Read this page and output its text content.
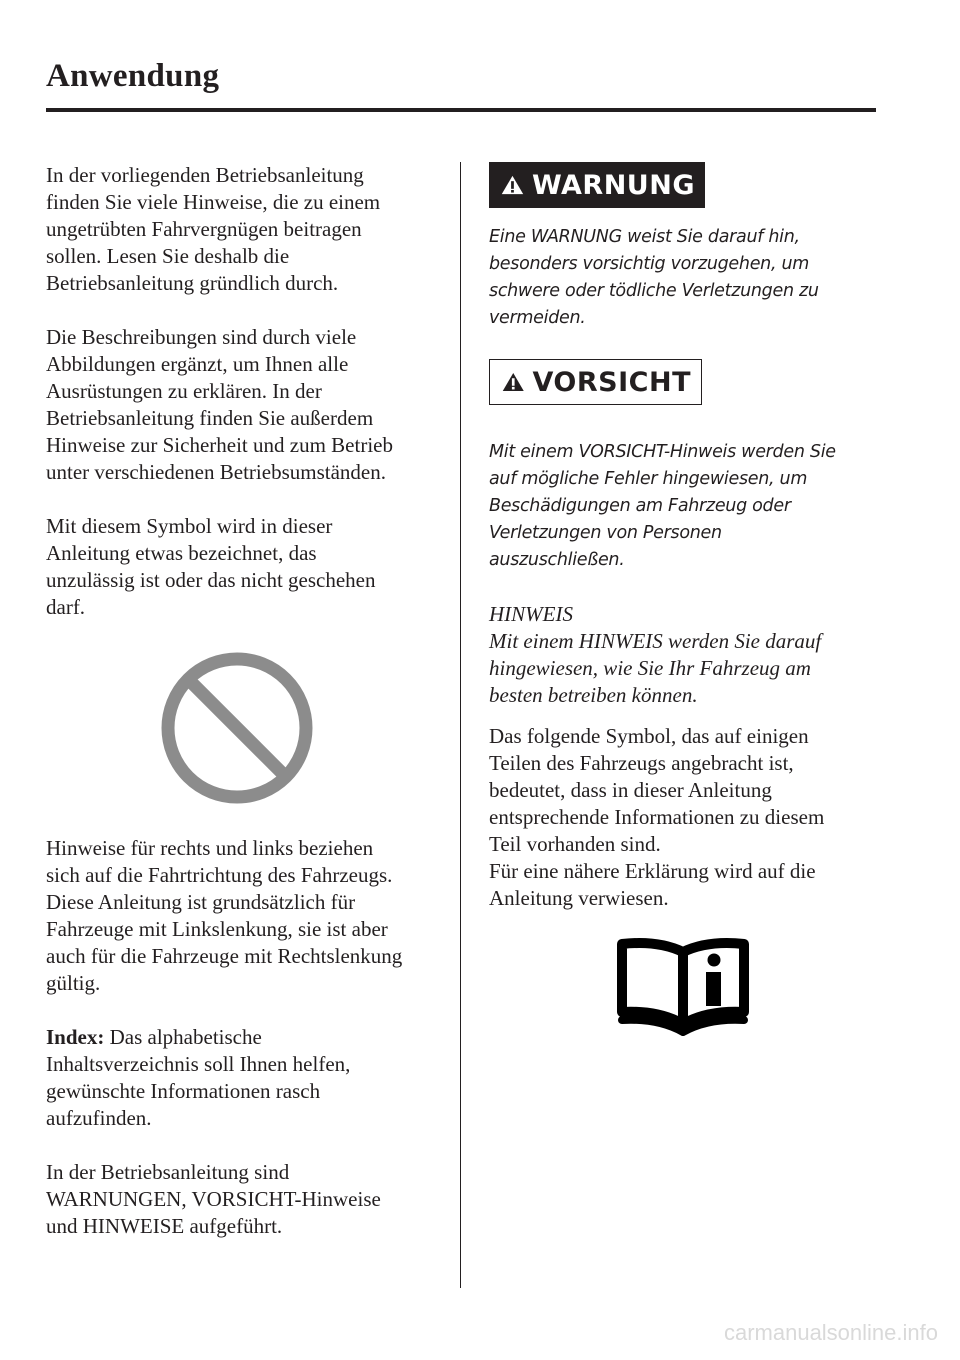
Anwendung
In der vorliegenden Betriebsanleitung
finden Sie viele Hinweise, die zu einem
ungetrübten Fahrvergnügen beitragen
sollen. Lesen Sie deshalb die
Betriebsanleitung gründlich durch.
Die Beschreibungen sind durch viele
Abbildungen ergänzt, um Ihnen alle
Ausrüstungen zu erklären. In der
Betriebsanleitung finden Sie außerdem
Hinweise zur Sicherheit und zum Betrieb
unter verschiedenen Betriebsumständen.
Mit diesem Symbol wird in dieser
Anleitung etwas bezeichnet, das
unzulässig ist oder das nicht geschehen
darf.
Hinweise für rechts und links beziehen
sich auf die Fahrtrichtung des Fahrzeugs.
Diese Anleitung ist grundsätzlich für
Fahrzeuge mit Linkslenkung, sie ist aber
auch für die Fahrzeuge mit Rechtslenkung
gültig.
Index: Das alphabetische
Inhaltsverzeichnis soll Ihnen helfen,
gewünschte Informationen rasch
aufzufinden.
In der Betriebsanleitung sind
WARNUNGEN, VORSICHT-Hinweise
und HINWEISE aufgeführt.
WARNUNG
Eine WARNUNG weist Sie darauf hin,
besonders vorsichtig vorzugehen, um
schwere oder tödliche Verletzungen zu
vermeiden.
VORSICHT
Mit einem VORSICHT-Hinweis werden Sie
auf mögliche Fehler hingewiesen, um
Beschädigungen am Fahrzeug oder
Verletzungen von Personen
auszuschließen.
HINWEIS
Mit einem HINWEIS werden Sie darauf
hingewiesen, wie Sie Ihr Fahrzeug am
besten betreiben können.
Das folgende Symbol, das auf einigen
Teilen des Fahrzeugs angebracht ist,
bedeutet, dass in dieser Anleitung
entsprechende Informationen zu diesem
Teil vorhanden sind.
Für eine nähere Erklärung wird auf die
Anleitung verwiesen.
carmanualsonline.info
